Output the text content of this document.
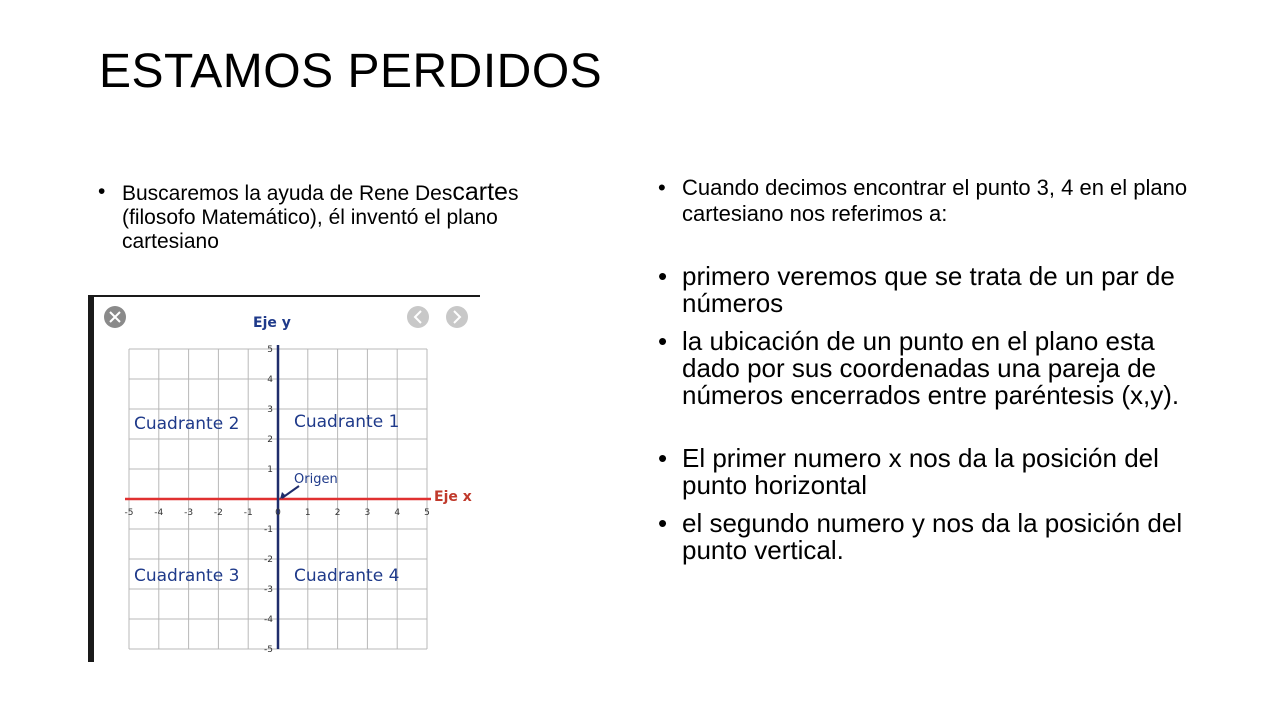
ESTAMOS PERDIDOS
• Buscaremos la ayuda de Rene Descartes (filosofo Matemático), él inventó el plano cartesiano
• Cuando decimos encontrar el punto 3, 4 en el plano cartesiano nos referimos a:
• primero veremos que se trata de un par de números
• la ubicación de un punto en el plano esta dado por sus coordenadas una pareja de números encerrados entre paréntesis (x,y).
• El primer numero x nos da la posición del punto horizontal
• el segundo numero y nos da la posición del punto vertical.
-5 -4 -3 -2 -1 0	1	2	3	4	5
5
4
3
2
1
-1
-2
-3
-4
-5
Eje y
Eje x
Origen
Cuadrante 1
Cuadrante 2
Cuadrante 3	Cuadrante 4
